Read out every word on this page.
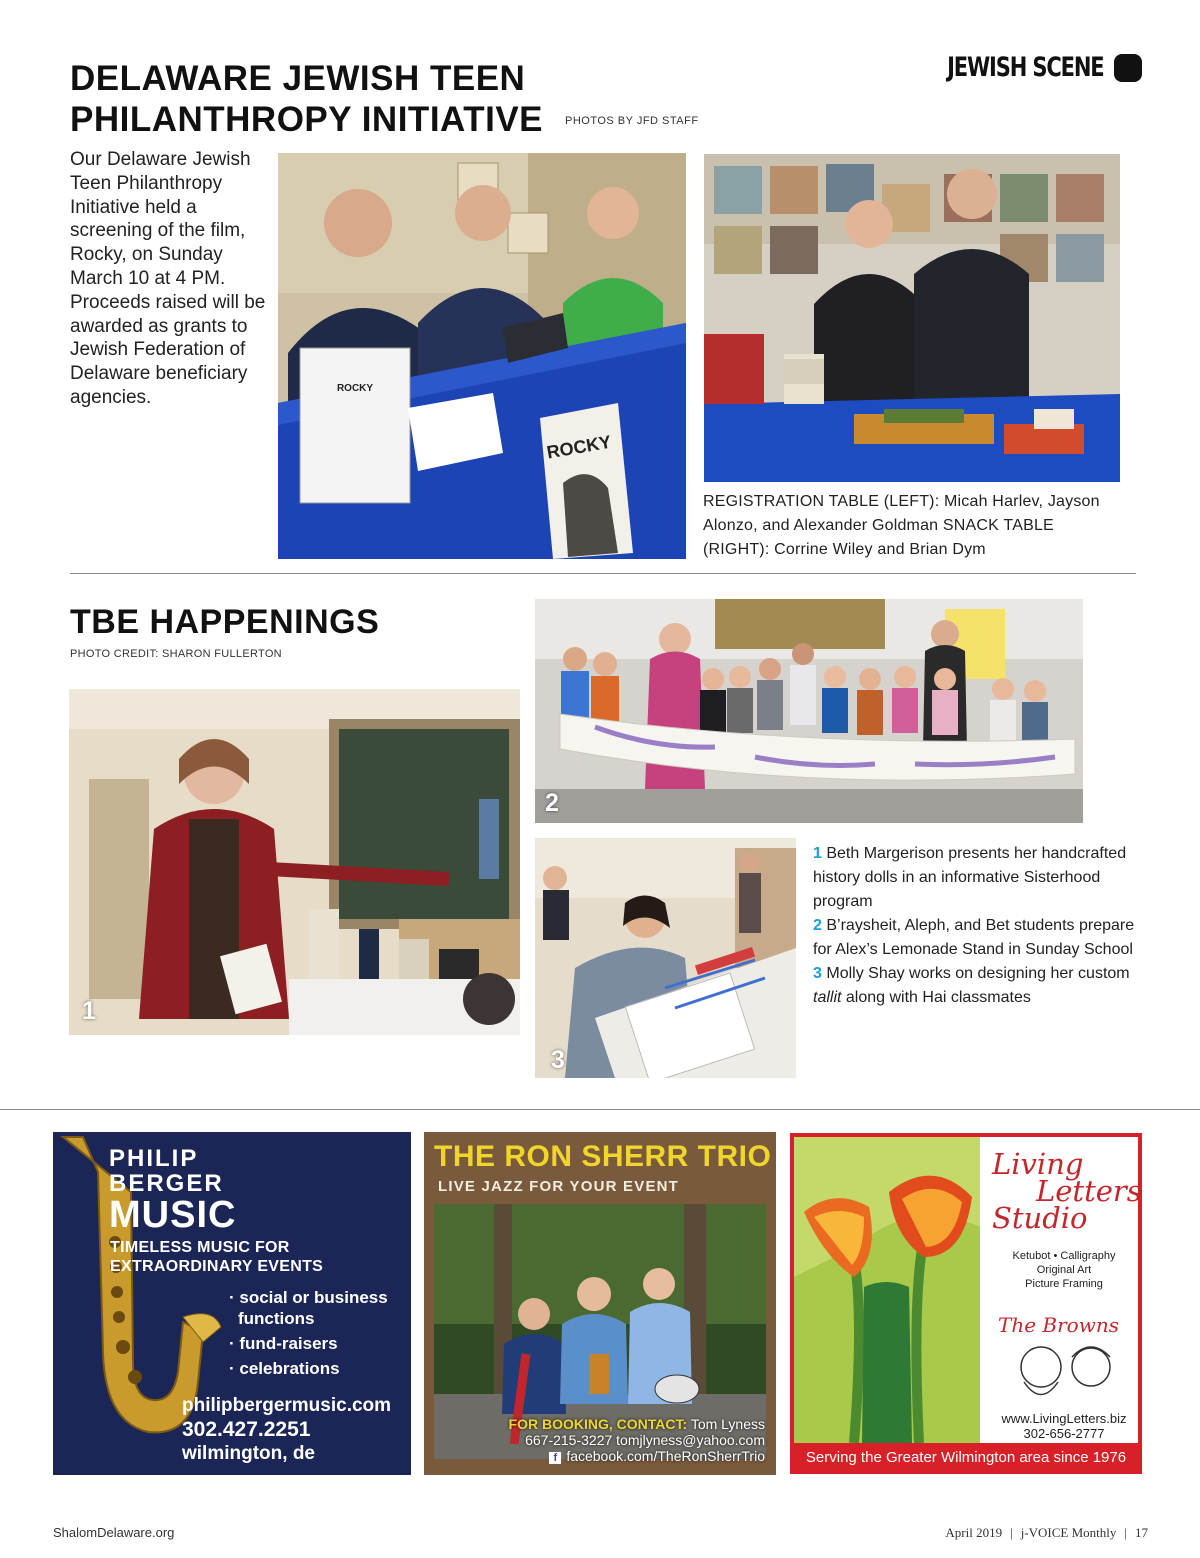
DELAWARE JEWISH TEEN
PHILANTHROPY INITIATIVE PHOTOS BY JFD STAFF
JEWISH SCENE
Our Delaware Jewish Teen Philanthropy Initiative held a screening of the film, Rocky, on Sunday March 10 at 4 PM. Proceeds raised will be awarded as grants to Jewish Federation of Delaware beneficiary agencies.	ROCKY
ROCKY
REGISTRATION TABLE (LEFT): Micah Harlev, Jayson Alonzo, and Alexander Goldman SNACK TABLE (RIGHT): Corrine Wiley and Brian Dym
TBE HAPPENINGS
PHOTO CREDIT: SHARON FULLERTON
1
2
3
1 Beth Margerison presents her handcrafted history dolls in an informative Sisterhood program
2 B’raysheit, Aleph, and Bet students prepare for Alex’s Lemonade Stand in Sunday School
3 Molly Shay works on designing her custom tallit along with Hai classmates
PHILIP
BERGER
MUSIC
TIMELESS MUSIC FOR
EXTRAORDINARY EVENTS
· social or business
functions
· fund-raisers
· celebrations
philipbergermusic.com
302.427.2251
wilmington, de
THE RON SHERR TRIO
LIVE JAZZ FOR YOUR EVENT
FOR BOOKING, CONTACT: Tom Lyness
667-215-3227 tomjlyness@yahoo.com
f facebook.com/TheRonSherrTrio
Living
Letters
Studio
Ketubot • Calligraphy
Original Art
Picture Framing
The Browns
www.LivingLetters.biz
302-656-2777
Serving the Greater Wilmington area since 1976
ShalomDelaware.org	April 2019 | j-VOICE Monthly | 17
